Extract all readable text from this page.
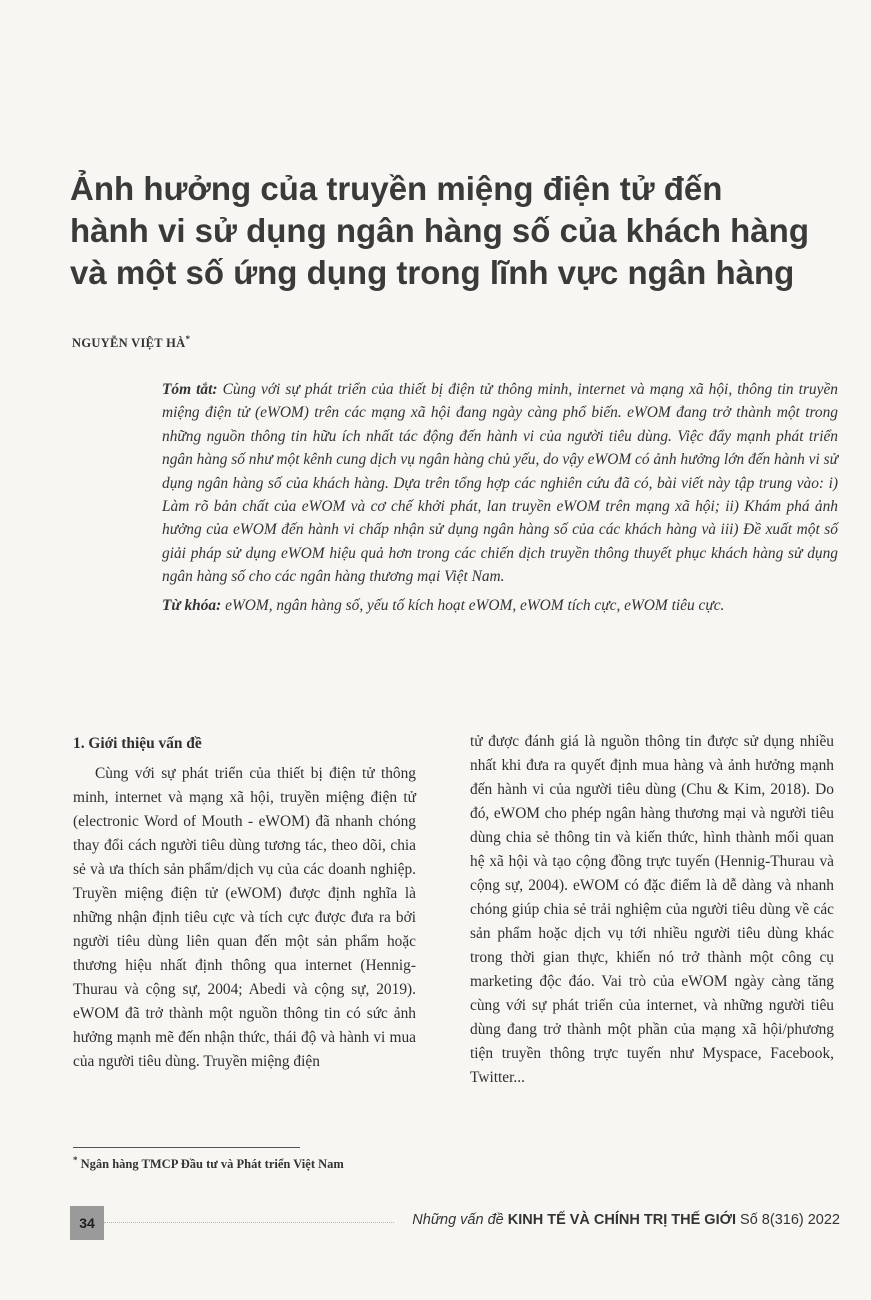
Ảnh hưởng của truyền miệng điện tử đến
hành vi sử dụng ngân hàng số của khách hàng
và một số ứng dụng trong lĩnh vực ngân hàng
NGUYỄN VIỆT HÀ*

Tóm tắt: Cùng với sự phát triển của thiết bị điện tử thông minh, internet và mạng xã hội, thông tin truyền miệng điện tử (eWOM) trên các mạng xã hội đang ngày càng phổ biến. eWOM đang trở thành một trong những nguồn thông tin hữu ích nhất tác động đến hành vi của người tiêu dùng. Việc đẩy mạnh phát triển ngân hàng số như một kênh cung dịch vụ ngân hàng chủ yếu, do vậy eWOM có ảnh hưởng lớn đến hành vi sử dụng ngân hàng số của khách hàng. Dựa trên tổng hợp các nghiên cứu đã có, bài viết này tập trung vào: i) Làm rõ bản chất của eWOM và cơ chế khởi phát, lan truyền eWOM trên mạng xã hội; ii) Khám phá ảnh hưởng của eWOM đến hành vi chấp nhận sử dụng ngân hàng số của các khách hàng và iii) Đề xuất một số giải pháp sử dụng eWOM hiệu quả hơn trong các chiến dịch truyền thông thuyết phục khách hàng sử dụng ngân hàng số cho các ngân hàng thương mại Việt Nam.

Từ khóa: eWOM, ngân hàng số, yếu tố kích hoạt eWOM, eWOM tích cực, eWOM tiêu cực.

1. Giới thiệu vấn đề

Cùng với sự phát triển của thiết bị điện tử thông minh, internet và mạng xã hội, truyền miệng điện tử (electronic Word of Mouth - eWOM) đã nhanh chóng thay đổi cách người tiêu dùng tương tác, theo dõi, chia sẻ và ưa thích sản phẩm/dịch vụ của các doanh nghiệp. Truyền miệng điện tử (eWOM) được định nghĩa là những nhận định tiêu cực và tích cực được đưa ra bởi người tiêu dùng liên quan đến một sản phẩm hoặc thương hiệu nhất định thông qua internet (Hennig-Thurau và cộng sự, 2004; Abedi và cộng sự, 2019). eWOM đã trở thành một nguồn thông tin có sức ảnh hưởng mạnh mẽ đến nhận thức, thái độ và hành vi mua của người tiêu dùng. Truyền miệng điện

tử được đánh giá là nguồn thông tin được sử dụng nhiều nhất khi đưa ra quyết định mua hàng và ảnh hưởng mạnh đến hành vi của người tiêu dùng (Chu & Kim, 2018). Do đó, eWOM cho phép ngân hàng thương mại và người tiêu dùng chia sẻ thông tin và kiến thức, hình thành mối quan hệ xã hội và tạo cộng đồng trực tuyến (Hennig-Thurau và cộng sự, 2004). eWOM có đặc điểm là dễ dàng và nhanh chóng giúp chia sẻ trải nghiệm của người tiêu dùng về các sản phẩm hoặc dịch vụ tới nhiều người tiêu dùng khác trong thời gian thực, khiến nó trở thành một công cụ marketing độc đáo. Vai trò của eWOM ngày càng tăng cùng với sự phát triển của internet, và những người tiêu dùng đang trở thành một phần của mạng xã hội/phương tiện truyền thông trực tuyến như Myspace, Facebook, Twitter...

* Ngân hàng TMCP Đầu tư và Phát triển Việt Nam
34	Những vấn đề KINH TẾ VÀ CHÍNH TRỊ THẾ GIỚI Số 8(316) 2022
